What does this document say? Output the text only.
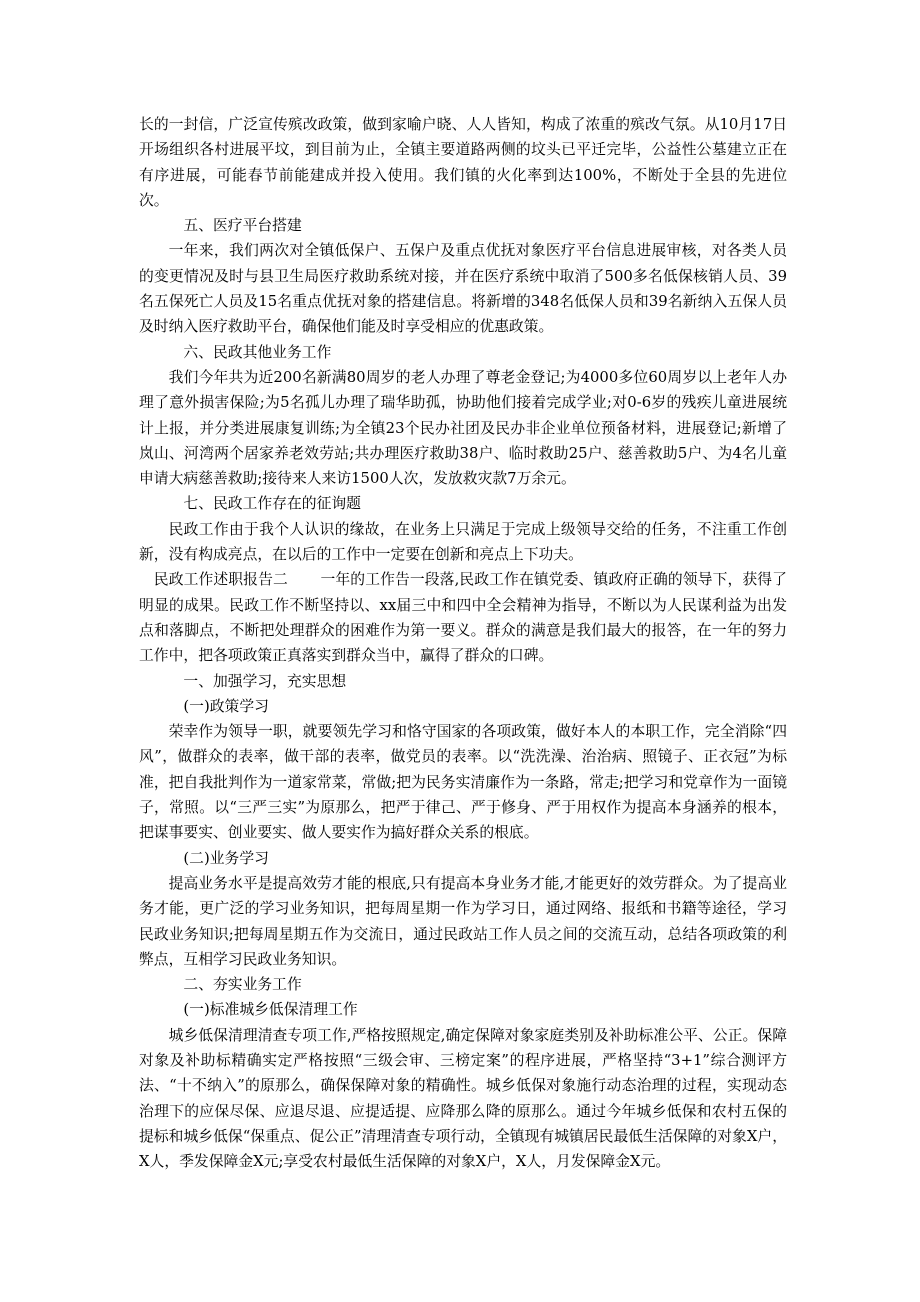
长的一封信，广泛宣传殡改政策，做到家喻户晓、人人皆知，构成了浓重的殡改气氛。从10月17日开场组织各村进展平坟，到目前为止，全镇主要道路两侧的坟头已平迁完毕，公益性公墓建立正在有序进展，可能春节前能建成并投入使用。我们镇的火化率到达100%，不断处于全县的先进位次。

五、医疗平台搭建

一年来，我们两次对全镇低保户、五保户及重点优抚对象医疗平台信息进展审核，对各类人员的变更情况及时与县卫生局医疗救助系统对接，并在医疗系统中取消了500多名低保核销人员、39名五保死亡人员及15名重点优抚对象的搭建信息。将新增的348名低保人员和39名新纳入五保人员及时纳入医疗救助平台，确保他们能及时享受相应的优惠政策。

六、民政其他业务工作

我们今年共为近200名新满80周岁的老人办理了尊老金登记;为4000多位60周岁以上老年人办理了意外损害保险;为5名孤儿办理了瑞华助孤，协助他们接着完成学业;对0-6岁的残疾儿童进展统计上报，并分类进展康复训练;为全镇23个民办社团及民办非企业单位预备材料，进展登记;新增了岚山、河湾两个居家养老效劳站;共办理医疗救助38户、临时救助25户、慈善救助5户、为4名儿童申请大病慈善救助;接待来人来访1500人次，发放救灾款7万余元。

七、民政工作存在的征询题

民政工作由于我个人认识的缘故，在业务上只满足于完成上级领导交给的任务，不注重工作创新，没有构成亮点，在以后的工作中一定要在创新和亮点上下功夫。

民政工作述职报告二 一年的工作告一段落,民政工作在镇党委、镇政府正确的领导下，获得了明显的成果。民政工作不断坚持以、xx届三中和四中全会精神为指导，不断以为人民谋利益为出发点和落脚点，不断把处理群众的困难作为第一要义。群众的满意是我们最大的报答，在一年的努力工作中，把各项政策正真落实到群众当中，赢得了群众的口碑。

一、加强学习，充实思想

(一)政策学习

荣幸作为领导一职，就要领先学习和恪守国家的各项政策，做好本人的本职工作，完全消除“四风”，做群众的表率，做干部的表率，做党员的表率。以“洗洗澡、治治病、照镜子、正衣冠”为标准，把自我批判作为一道家常菜，常做;把为民务实清廉作为一条路，常走;把学习和党章作为一面镜子，常照。以“三严三实”为原那么，把严于律己、严于修身、严于用权作为提高本身涵养的根本，把谋事要实、创业要实、做人要实作为搞好群众关系的根底。

(二)业务学习

提高业务水平是提高效劳才能的根底,只有提高本身业务才能,才能更好的效劳群众。为了提高业务才能，更广泛的学习业务知识，把每周星期一作为学习日，通过网络、报纸和书籍等途径，学习民政业务知识;把每周星期五作为交流日，通过民政站工作人员之间的交流互动，总结各项政策的利弊点，互相学习民政业务知识。

二、夯实业务工作

(一)标准城乡低保清理工作

城乡低保清理清查专项工作,严格按照规定,确定保障对象家庭类别及补助标准公平、公正。保障对象及补助标精确实定严格按照“三级会审、三榜定案”的程序进展，严格坚持“3+1”综合测评方法、“十不纳入”的原那么，确保保障对象的精确性。城乡低保对象施行动态治理的过程，实现动态治理下的应保尽保、应退尽退、应提适提、应降那么降的原那么。通过今年城乡低保和农村五保的提标和城乡低保“保重点、促公正”清理清查专项行动，全镇现有城镇居民最低生活保障的对象X户，X人，季发保障金X元;享受农村最低生活保障的对象X户，X人，月发保障金X元。
